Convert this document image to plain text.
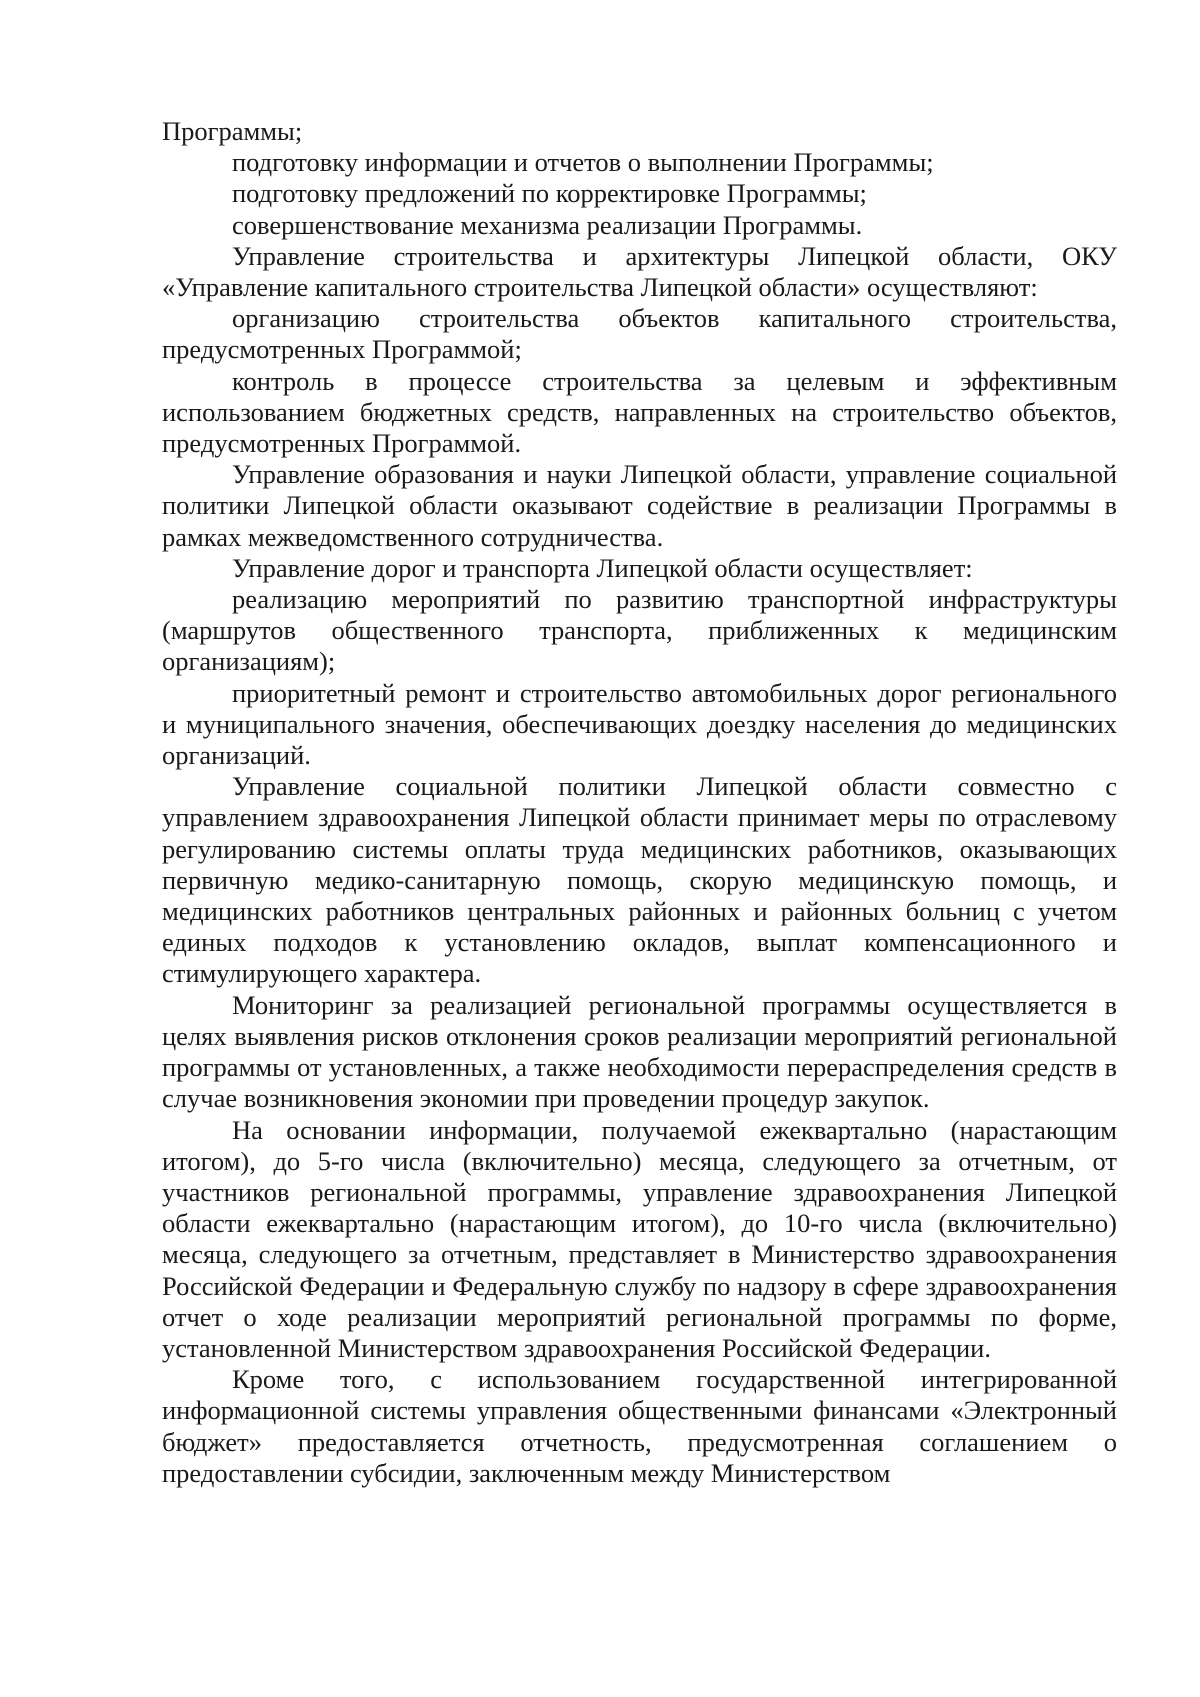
Программы;

подготовку информации и отчетов о выполнении Программы;

подготовку предложений по корректировке Программы;

совершенствование механизма реализации Программы.

Управление строительства и архитектуры Липецкой области, ОКУ «Управление капитального строительства Липецкой области» осуществляют:

организацию строительства объектов капитального строительства, предусмотренных Программой;

контроль в процессе строительства за целевым и эффективным использованием бюджетных средств, направленных на строительство объектов, предусмотренных Программой.

Управление образования и науки Липецкой области, управление социальной политики Липецкой области оказывают содействие в реализации Программы в рамках межведомственного сотрудничества.

Управление дорог и транспорта Липецкой области осуществляет:

реализацию мероприятий по развитию транспортной инфраструктуры (маршрутов общественного транспорта, приближенных к медицинским организациям);

приоритетный ремонт и строительство автомобильных дорог регионального и муниципального значения, обеспечивающих доездку населения до медицинских организаций.

Управление социальной политики Липецкой области совместно с управлением здравоохранения Липецкой области принимает меры по отраслевому регулированию системы оплаты труда медицинских работников, оказывающих первичную медико-санитарную помощь, скорую медицинскую помощь, и медицинских работников центральных районных и районных больниц с учетом единых подходов к установлению окладов, выплат компенсационного и стимулирующего характера.

Мониторинг за реализацией региональной программы осуществляется в целях выявления рисков отклонения сроков реализации мероприятий региональной программы от установленных, а также необходимости перераспределения средств в случае возникновения экономии при проведении процедур закупок.

На основании информации, получаемой ежеквартально (нарастающим итогом), до 5-го числа (включительно) месяца, следующего за отчетным, от участников региональной программы, управление здравоохранения Липецкой области ежеквартально (нарастающим итогом), до 10-го числа (включительно) месяца, следующего за отчетным, представляет в Министерство здравоохранения Российской Федерации и Федеральную службу по надзору в сфере здравоохранения отчет о ходе реализации мероприятий региональной программы по форме, установленной Министерством здравоохранения Российской Федерации.

Кроме того, с использованием государственной интегрированной информационной системы управления общественными финансами «Электронный бюджет» предоставляется отчетность, предусмотренная соглашением о предоставлении субсидии, заключенным между Министерством
